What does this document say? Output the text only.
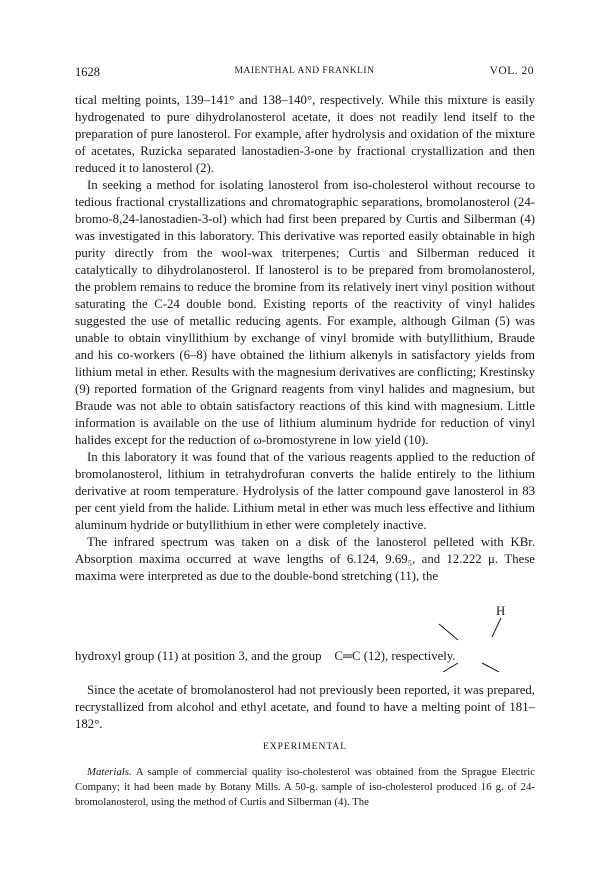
1628	MAIENTHAL AND FRANKLIN	VOL. 20

tical melting points, 139–141° and 138–140°, respectively. While this mixture is easily hydrogenated to pure dihydrolanosterol acetate, it does not readily lend itself to the preparation of pure lanosterol. For example, after hydrolysis and oxidation of the mixture of acetates, Ruzicka separated lanostadien-3-one by fractional crystallization and then reduced it to lanosterol (2).

In seeking a method for isolating lanosterol from iso-cholesterol without recourse to tedious fractional crystallizations and chromatographic separations, bromolanosterol (24-bromo-8,24-lanostadien-3-ol) which had first been prepared by Curtis and Silberman (4) was investigated in this laboratory. This derivative was reported easily obtainable in high purity directly from the wool-wax triterpenes; Curtis and Silberman reduced it catalytically to dihydrolanosterol. If lanosterol is to be prepared from bromolanosterol, the problem remains to reduce the bromine from its relatively inert vinyl position without saturating the C-24 double bond. Existing reports of the reactivity of vinyl halides suggested the use of metallic reducing agents. For example, although Gilman (5) was unable to obtain vinyllithium by exchange of vinyl bromide with butyllithium, Braude and his co-workers (6–8) have obtained the lithium alkenyls in satisfactory yields from lithium metal in ether. Results with the magnesium derivatives are conflicting; Krestinsky (9) reported formation of the Grignard reagents from vinyl halides and magnesium, but Braude was not able to obtain satisfactory reactions of this kind with magnesium. Little information is available on the use of lithium aluminum hydride for reduction of vinyl halides except for the reduction of ω-bromostyrene in low yield (10).

In this laboratory it was found that of the various reagents applied to the reduction of bromolanosterol, lithium in tetrahydrofuran converts the halide entirely to the lithium derivative at room temperature. Hydrolysis of the latter compound gave lanosterol in 83 per cent yield from the halide. Lithium metal in ether was much less effective and lithium aluminum hydride or butyllithium in ether were completely inactive.

The infrared spectrum was taken on a disk of the lanosterol pelleted with KBr. Absorption maxima occurred at wave lengths of 6.124, 9.69₅, and 12.222 μ. These maxima were interpreted as due to the double-bond stretching (11), the

H
hydroxyl group (11) at position 3, and the group C═C (12), respectively.

Since the acetate of bromolanosterol had not previously been reported, it was prepared, recrystallized from alcohol and ethyl acetate, and found to have a melting point of 181–182°.

EXPERIMENTAL

Materials. A sample of commercial quality iso-cholesterol was obtained from the Sprague Electric Company; it had been made by Botany Mills. A 50-g. sample of iso-cholesterol produced 16 g. of 24-bromolanosterol, using the method of Curtis and Silberman (4). The
